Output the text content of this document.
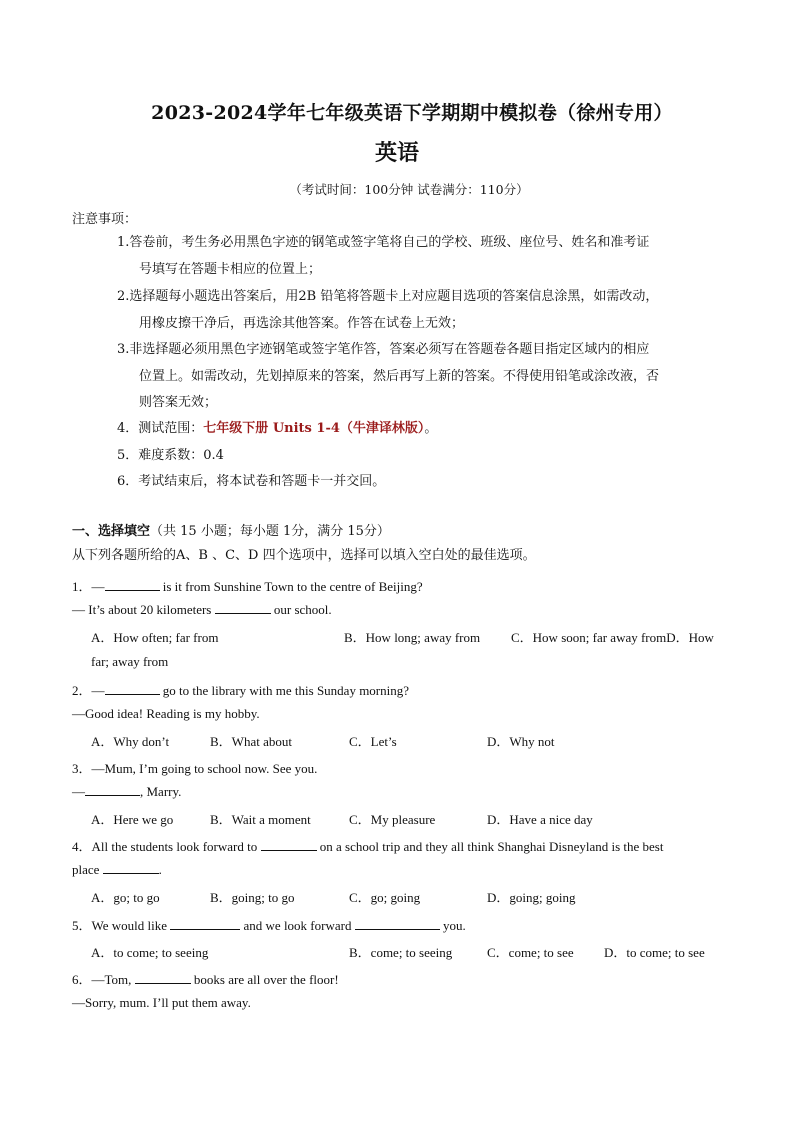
2023-2024学年七年级英语下学期期中模拟卷（徐州专用）
英语
（考试时间：100分钟 试卷满分：110分）
注意事项：
1.答卷前，考生务必用黑色字迹的钢笔或签字笔将自己的学校、班级、座位号、姓名和准考证
号填写在答题卡相应的位置上；
2.选择题每小题选出答案后，用2B 铅笔将答题卡上对应题目选项的答案信息涂黑，如需改动，
用橡皮擦干净后，再选涂其他答案。作答在试卷上无效；
3.非选择题必须用黑色字迹钢笔或签字笔作答，答案必须写在答题卷各题目指定区域内的相应
位置上。如需改动，先划掉原来的答案，然后再写上新的答案。不得使用铅笔或涂改液，否
则答案无效；
4．测试范围：七年级下册 Units 1-4（牛津译林版）。
5．难度系数：0.4
6．考试结束后，将本试卷和答题卡一并交回。
一、选择填空（共 15 小题；每小题 1分，满分 15分）
从下列各题所给的A、B 、C、D 四个选项中，选择可以填入空白处的最佳选项。
1．—	is it from Sunshine Town to the centre of Beijing?
— It’s about 20 kilometers	our school.
A．How often; far from	B．How long; away from C．How soon; far away fromD．How
far; away from
2．—	go to the library with me this Sunday morning?
—Good idea! Reading is my hobby.
A．Why don’t	B．What about	C．Let’s	D．Why not
3．—Mum, I’m going to school now. See you.
—	, Marry.
A．Here we go	B．Wait a moment	C．My pleasure	D．Have a nice day
4．All the students look forward to	on a school trip and they all think Shanghai Disneyland is the best
place	.
A．go; to go	B．going; to go	C．go; going	D．going; going
5．We would like	and we look forward	you.
A．to come; to seeing	B．come; to seeing	C．come; to see D．to come; to see
6．—Tom,	books are all over the floor!
—Sorry, mum. I’ll put them away.
